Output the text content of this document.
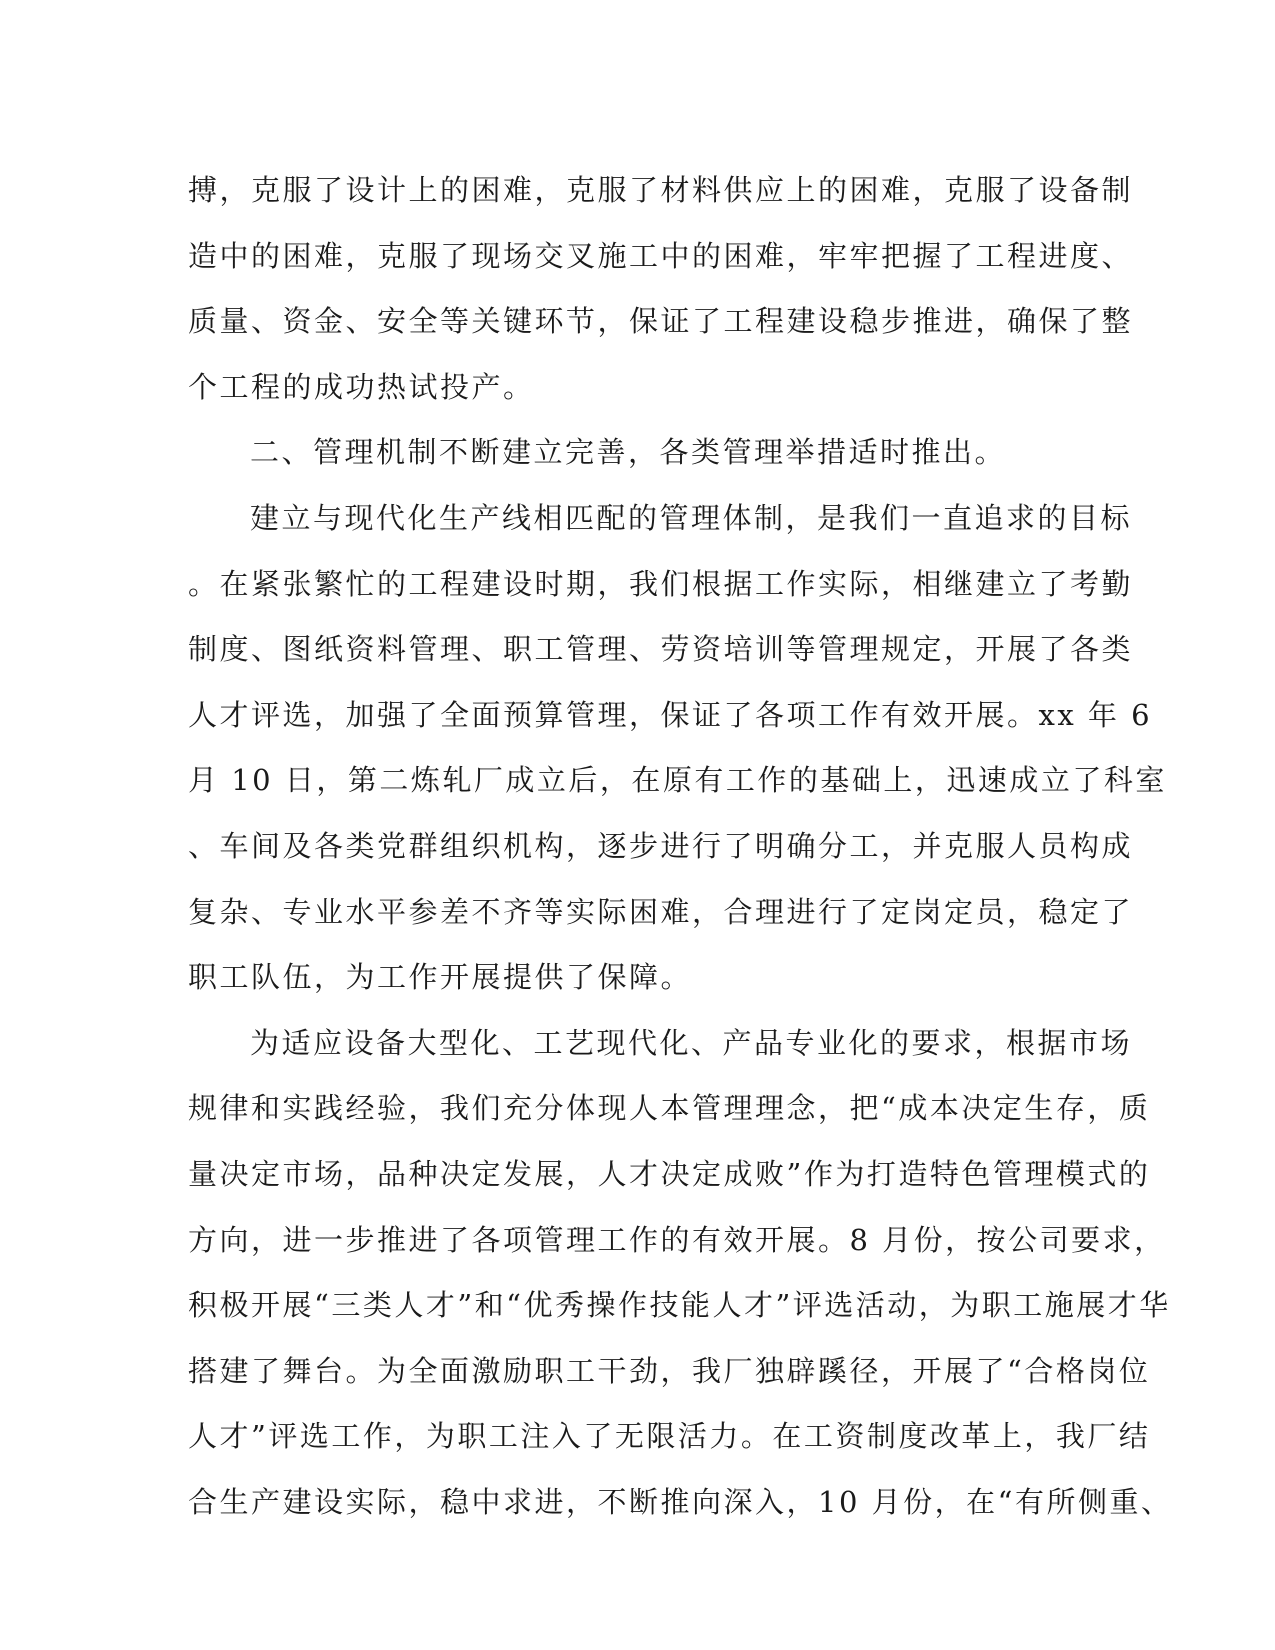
搏，克服了设计上的困难，克服了材料供应上的困难，克服了设备制
造中的困难，克服了现场交叉施工中的困难，牢牢把握了工程进度、
质量、资金、安全等关键环节，保证了工程建设稳步推进，确保了整
个工程的成功热试投产。
二、管理机制不断建立完善，各类管理举措适时推出。
建立与现代化生产线相匹配的管理体制，是我们一直追求的目标
。在紧张繁忙的工程建设时期，我们根据工作实际，相继建立了考勤
制度、图纸资料管理、职工管理、劳资培训等管理规定，开展了各类
人才评选，加强了全面预算管理，保证了各项工作有效开展。xx 年 6
月 10 日，第二炼轧厂成立后，在原有工作的基础上，迅速成立了科室
、车间及各类党群组织机构，逐步进行了明确分工，并克服人员构成
复杂、专业水平参差不齐等实际困难，合理进行了定岗定员，稳定了
职工队伍，为工作开展提供了保障。
为适应设备大型化、工艺现代化、产品专业化的要求，根据市场
规律和实践经验，我们充分体现人本管理理念，把“成本决定生存，质
量决定市场，品种决定发展，人才决定成败”作为打造特色管理模式的
方向，进一步推进了各项管理工作的有效开展。8 月份，按公司要求，
积极开展“三类人才”和“优秀操作技能人才”评选活动，为职工施展才华
搭建了舞台。为全面激励职工干劲，我厂独辟蹊径，开展了“合格岗位
人才”评选工作，为职工注入了无限活力。在工资制度改革上，我厂结
合生产建设实际，稳中求进，不断推向深入，10 月份，在“有所侧重、
